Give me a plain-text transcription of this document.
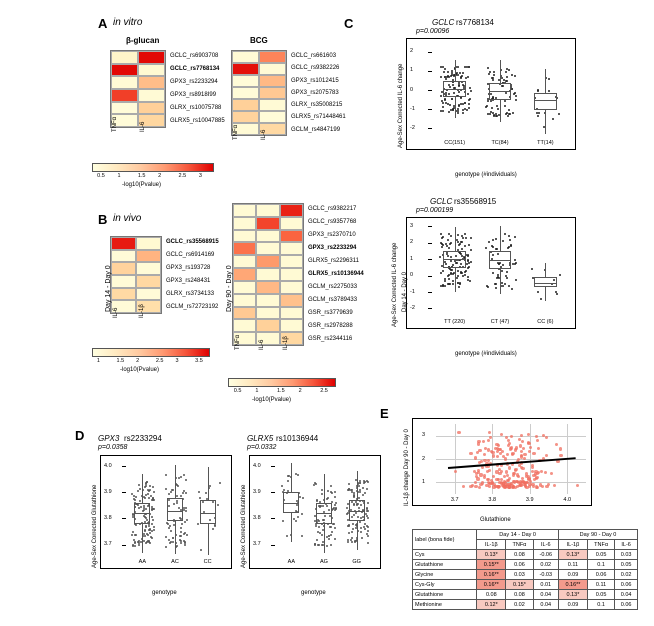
A in vitro
β-glucan
GCLC_rs6903708
GCLC_rs7768134
GPX3_rs2233294
GPX3_rs8918I99
GLRX_rs10075788
GLRX5_rs10047885
TNFα	IL-6
BCG
GCLC_rs661603
GCLC_rs9382226
GPX3_rs1012415
GPX3_rs2075783
GLRX_rs35008215
GLRX5_rs71448461
GCLM_rs4847199
TNFα	IL-6
0.5 1	1.5 2	2.5 3
-log10(Pvalue)
B in vivo
GCLC_rs35568915
GCLC_rs6914169
GPX3_rs193728
GPX3_rs248431
GLRX_rs3734133
GCLM_rs72723192
IL-6	IL-1β
Day 14 - Day 0
1	1.5 2	2.5 3	3.5
-log10(Pvalue)
GCLC_rs9382217
GCLC_rs9357768
GPX3_rs2370710
GPX3_rs2233294
GLRX5_rs2296311
GLRX5_rs10136944
GCLM_rs2275033
GCLM_rs3789433
GSR_rs3779639
GSR_rs2978288
GSR_rs2344116
TNFα	IL-6	IL-1β
Day 90 - Day 0
0.5	1	1.5	2	2.5
-log10(Pvalue)
C	GCLC rs7768134
p=0.00096
-2
-1
0
1
2
CC(151)	TC(84)	TT(14)
Age-Sex Corrected IL-6 change
genotype (#individuals)
GCLC rs35568915
p=0.000199
-2
-1
0
1
2
3
TT (220)	CT (47)	CC (6)
Age-Sex Corrected IL-6 change Day 14 - Day 0
genotype (#individuals)
D GPX3 rs2233294
p=0.0358
3.7
3.8
3.9
4.0
AA	AC	CC
Age-Sex Corrected Glutathione
genotype
GLRX5 rs10136944
p=0.0332
3.7
3.8
3.9
4.0
AA	AG	GG
Age-Sex Corrected Glutathione
genotype
E
3.7	3.8	3.9	4.0
1
2
3
IL-1β change Day 90 - Day 0
Glutathione
label (bona fide)	Day 14 - Day 0			Day 90 - Day 0		
	IL-1β	TNFα	IL-6	IL-1β	TNFα	IL-6
Cys	0.13*	0.08	-0.06	0.13*	0.05	0.03
Glutathione	0.15**	0.06	0.02	0.11	0.1	0.05
Glycine	0.16**	0.03	-0.03	0.09	0.06	0.02
Cys-Gly	0.16**	0.15*	0.01	0.16**	0.11	0.06
Glutathione	0.08	0.08	0.04	0.13*	0.05	0.04
Methionine	0.12*	0.02	0.04	0.09	0.1	0.06
